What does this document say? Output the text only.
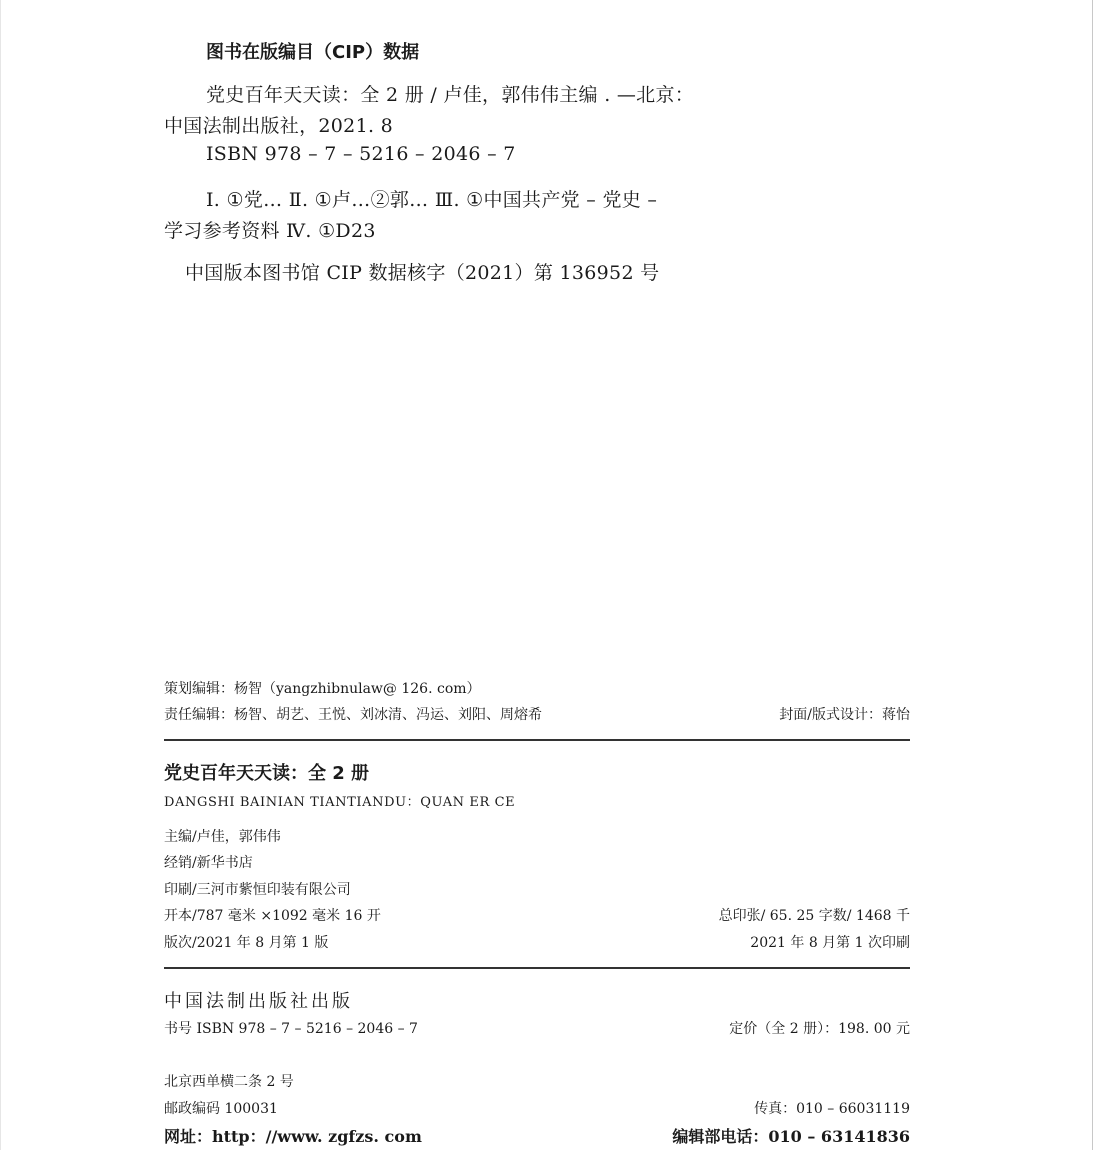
图书在版编目（CIP）数据
党史百年天天读：全 2 册 / 卢佳，郭伟伟主编 . —北京：
中国法制出版社，2021. 8
ISBN 978 – 7 – 5216 – 2046 – 7
Ⅰ. ①党… Ⅱ. ①卢…②郭… Ⅲ. ①中国共产党 – 党史 –
学习参考资料 Ⅳ. ①D23
中国版本图书馆 CIP 数据核字（2021）第 136952 号
策划编辑：杨智（yangzhibnulaw@ 126. com）
责任编辑：杨智、胡艺、王悦、刘冰清、冯运、刘阳、周熔希	封面/版式设计：蒋怡
党史百年天天读：全 2 册
DANGSHI BAINIAN TIANTIANDU：QUAN ER CE
主编/卢佳，郭伟伟
经销/新华书店
印刷/三河市紫恒印装有限公司
开本/787 毫米 ×1092 毫米 16 开	总印张/ 65. 25 字数/ 1468 千
版次/2021 年 8 月第 1 版	2021 年 8 月第 1 次印刷
中国法制出版社出版
书号 ISBN 978 – 7 – 5216 – 2046 – 7	定价（全 2 册）：198. 00 元
北京西单横二条 2 号
邮政编码 100031	传真：010 – 66031119
网址：http：//www. zgfzs. com	编辑部电话：010 – 63141836
